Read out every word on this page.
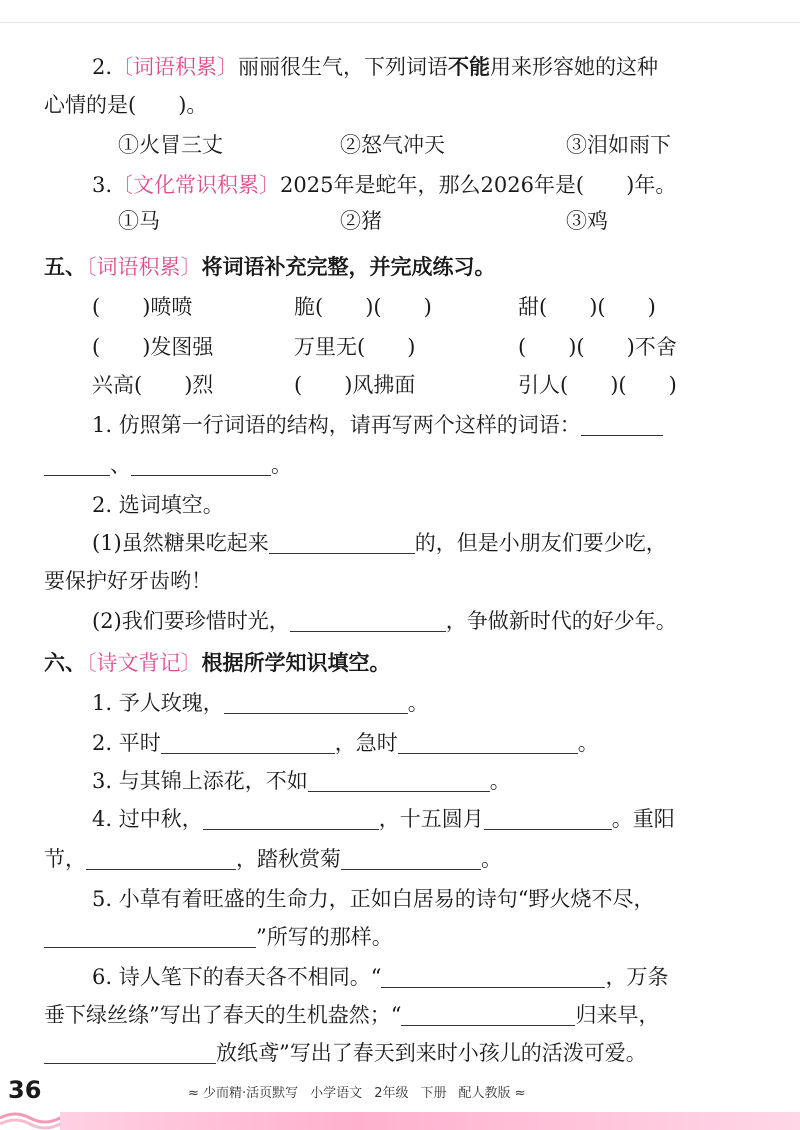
2.〔词语积累〕丽丽很生气，下列词语不能用来形容她的这种
心情的是(　　)。
①火冒三丈	②怒气冲天	③泪如雨下
3.〔文化常识积累〕2025年是蛇年，那么2026年是(　　)年。
①马	②猪	③鸡
五、〔词语积累〕将词语补充完整，并完成练习。
(　　)喷喷	脆(　　)(　　)	甜(　　)(　　)
(　　)发图强	万里无(　　)	(　　)(　　)不舍
兴高(　　)烈	(　　)风拂面	引人(　　)(　　)
1. 仿照第一行词语的结构，请再写两个这样的词语：
、	。
2. 选词填空。
(1)虽然糖果吃起来	的，但是小朋友们要少吃，
要保护好牙齿哟！
(2)我们要珍惜时光，	，争做新时代的好少年。
六、〔诗文背记〕根据所学知识填空。
1. 予人玫瑰，	。
2. 平时	，急时	。
3. 与其锦上添花，不如	。
4. 过中秋，	，十五圆月	。重阳
节，	，踏秋赏菊	。
5. 小草有着旺盛的生命力，正如白居易的诗句“野火烧不尽，
”所写的那样。
6. 诗人笔下的春天各不相同。“	，万条
垂下绿丝绦”写出了春天的生机盎然；“	归来早，
放纸鸢”写出了春天到来时小孩儿的活泼可爱。
36	≈ 少而精·活页默写 小学语文 2年级 下册 配人教版 ≈
